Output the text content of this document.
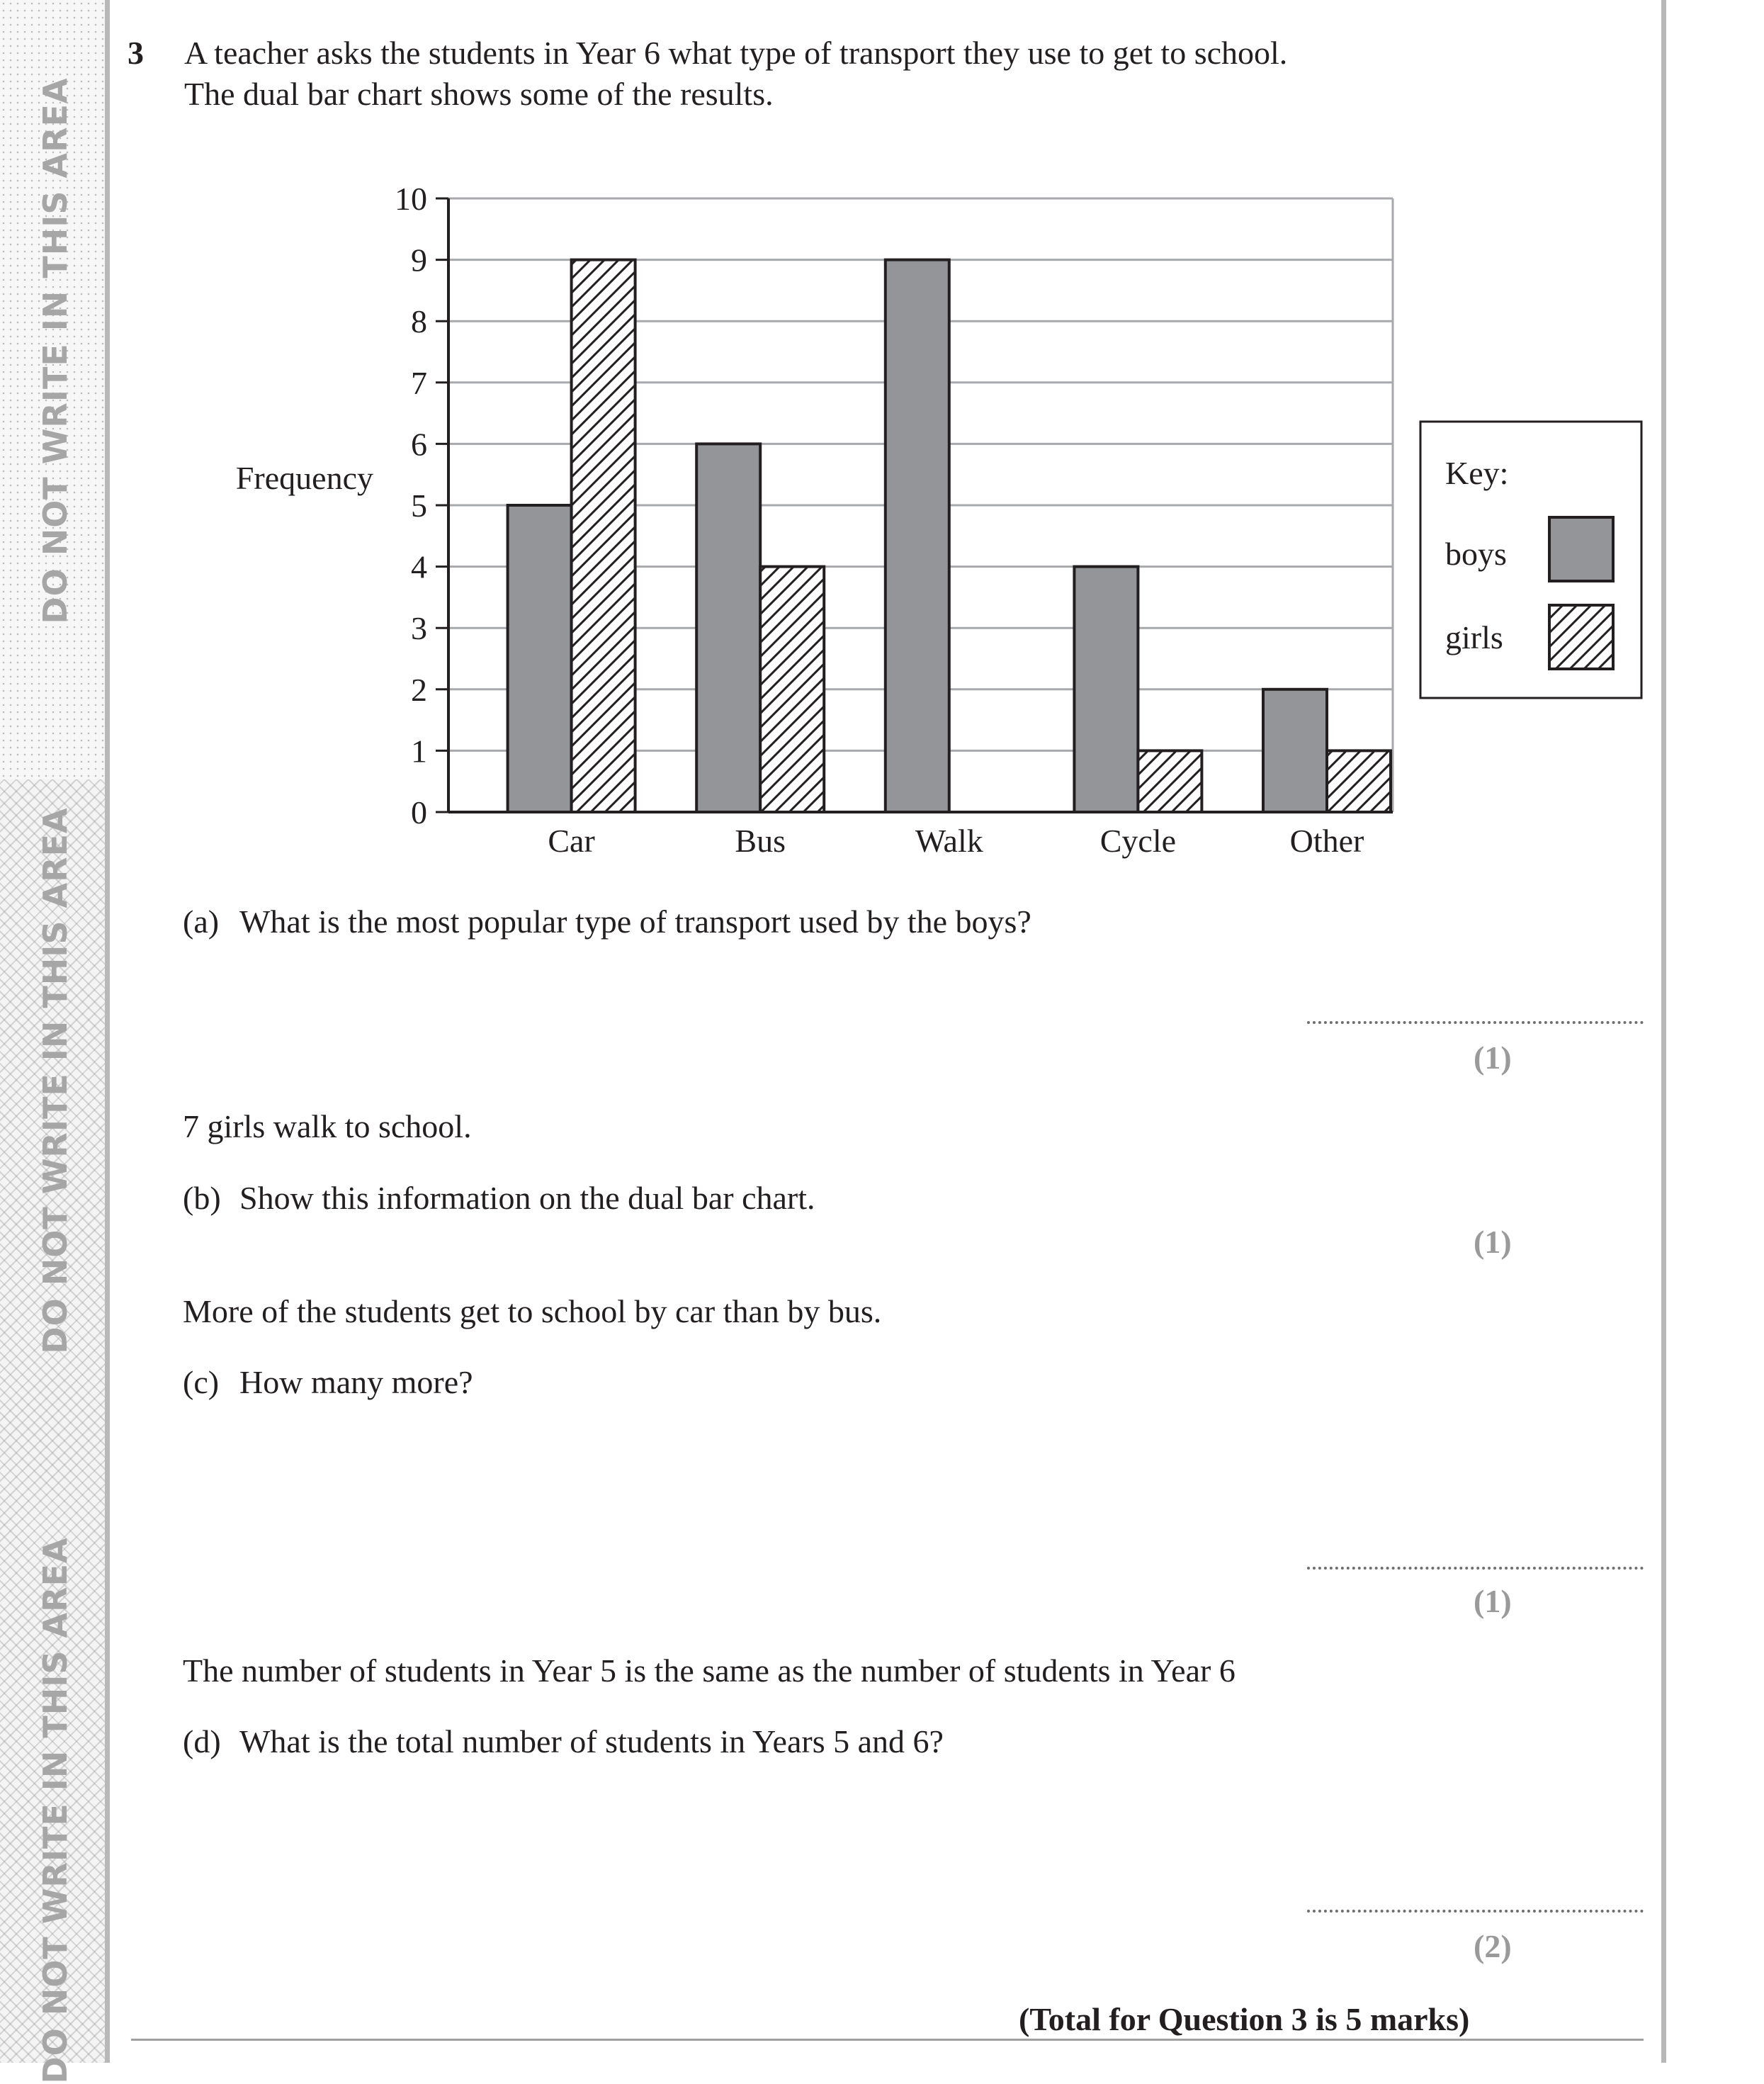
DO NOT WRITE IN THIS AREA
DO NOT WRITE IN THIS AREA
DO NOT WRITE IN THIS AREA
3 A teacher asks the students in Year 6 what type of transport they use to get to school.
The dual bar chart shows some of the results.
0
1
2
3
4
5
6
7
8
9
10
Car	Bus	Walk	Cycle	Other
Frequency	Key:
boys
girls
(a) What is the most popular type of transport used by the boys?
(1)
7 girls walk to school.
(b) Show this information on the dual bar chart.
(1)
More of the students get to school by car than by bus.
(c) How many more?
(1)
The number of students in Year 5 is the same as the number of students in Year 6
(d) What is the total number of students in Years 5 and 6?
(2)
(Total for Question 3 is 5 marks)
